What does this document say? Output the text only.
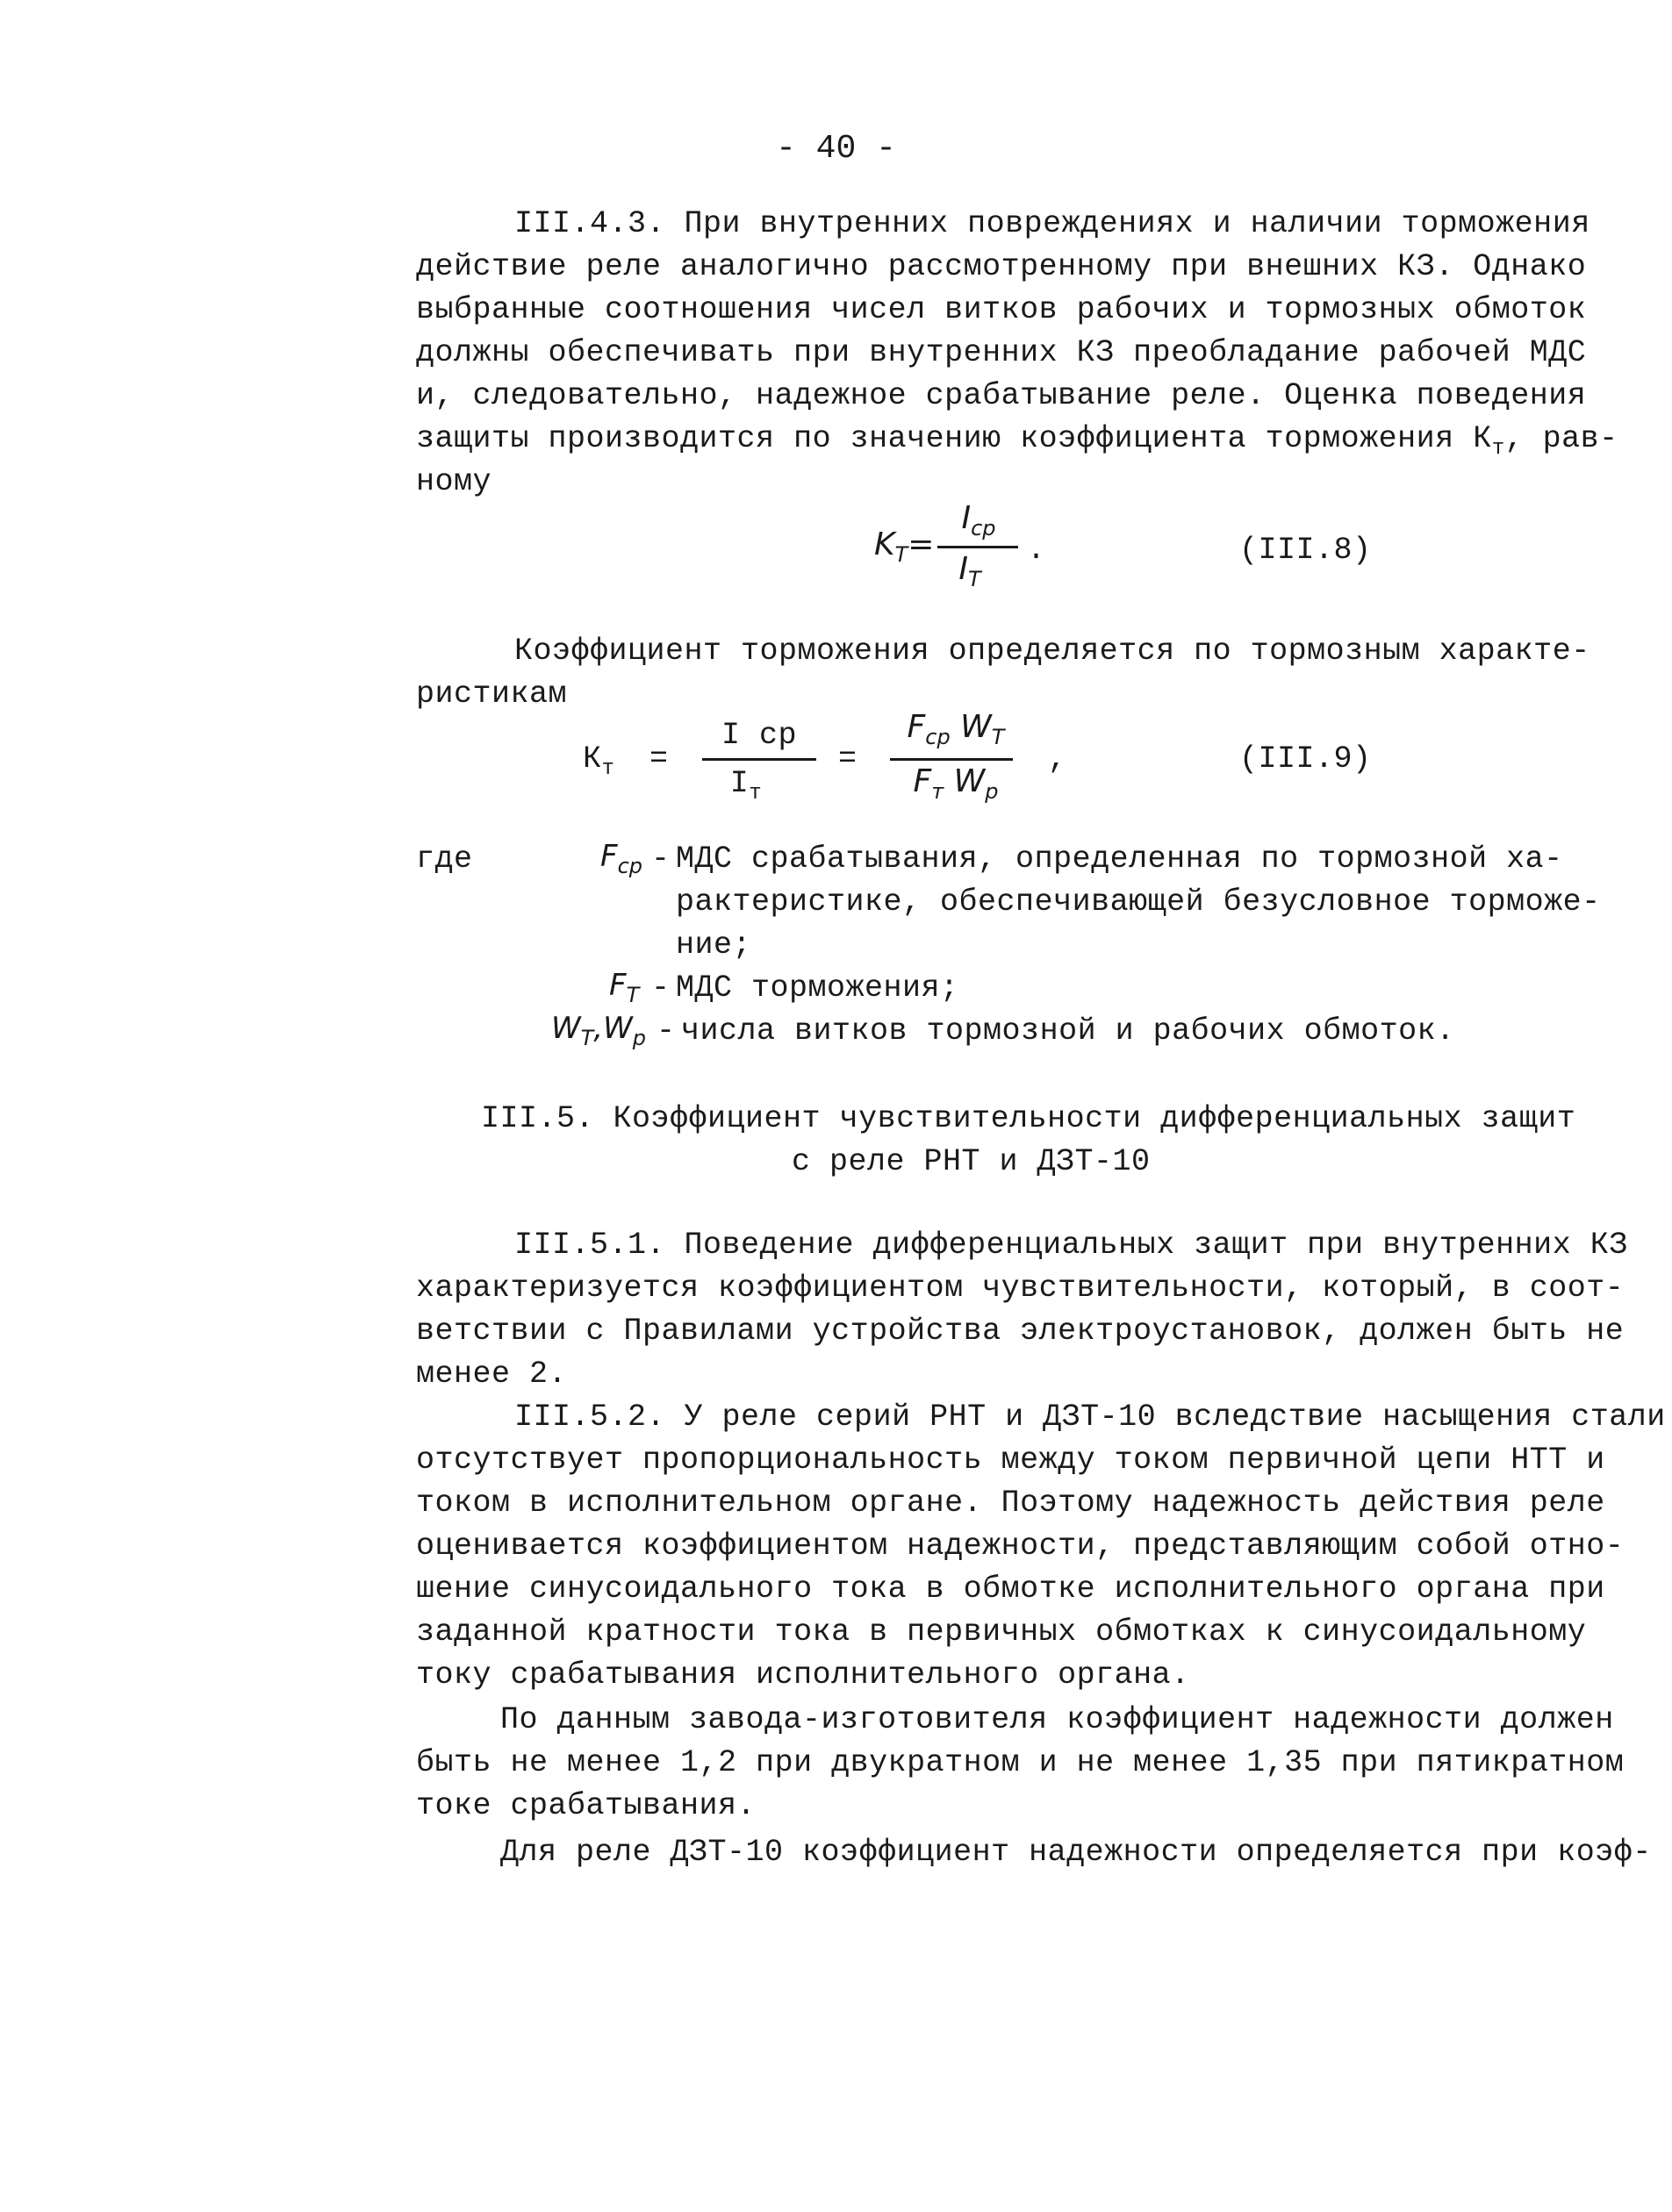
- 40 -
III.4.3. При внутренних повреждениях и наличии торможения
действие реле аналогично рассмотренному при внешних КЗ. Однако
выбранные соотношения чисел витков рабочих и тормозных обмоток
должны обеспечивать при внутренних КЗ преобладание рабочей МДС
и, следовательно, надежное срабатывание реле. Оценка поведения
защиты производится по значению коэффициента торможения $К_т$, рав-
ному
$K_T=$
$I_{cp}$
$I_T$
.	(III.8)
Коэффициент торможения определяется по тормозным характе-
ристикам
$К_т$ =
I ср
$I_т$
=
$F_{ср}$ $W_T$
$F_т$ $W_p$
,	(III.9)
где	$F_{ср}$ - МДС срабатывания, определенная по тормозной ха-
рактеристике, обеспечивающей безусловное торможе-
ние;
$F_T$ - МДС торможения;
$W_T,W_p$ - числа витков тормозной и рабочих обмоток.
III.5. Коэффициент чувствительности дифференциальных защит
с реле РНТ и ДЗТ-10
III.5.1. Поведение дифференциальных защит при внутренних КЗ
характеризуется коэффициентом чувствительности, который, в соот-
ветствии с Правилами устройства электроустановок, должен быть не
менее 2.
III.5.2. У реле серий РНТ и ДЗТ-10 вследствие насыщения стали
отсутствует пропорциональность между током первичной цепи НТТ и
током в исполнительном органе. Поэтому надежность действия реле
оценивается коэффициентом надежности, представляющим собой отно-
шение синусоидального тока в обмотке исполнительного органа при
заданной кратности тока в первичных обмотках к синусоидальному
току срабатывания исполнительного органа.
По данным завода-изготовителя коэффициент надежности должен
быть не менее 1,2 при двукратном и не менее 1,35 при пятикратном
токе срабатывания.
Для реле ДЗТ-10 коэффициент надежности определяется при коэф-
